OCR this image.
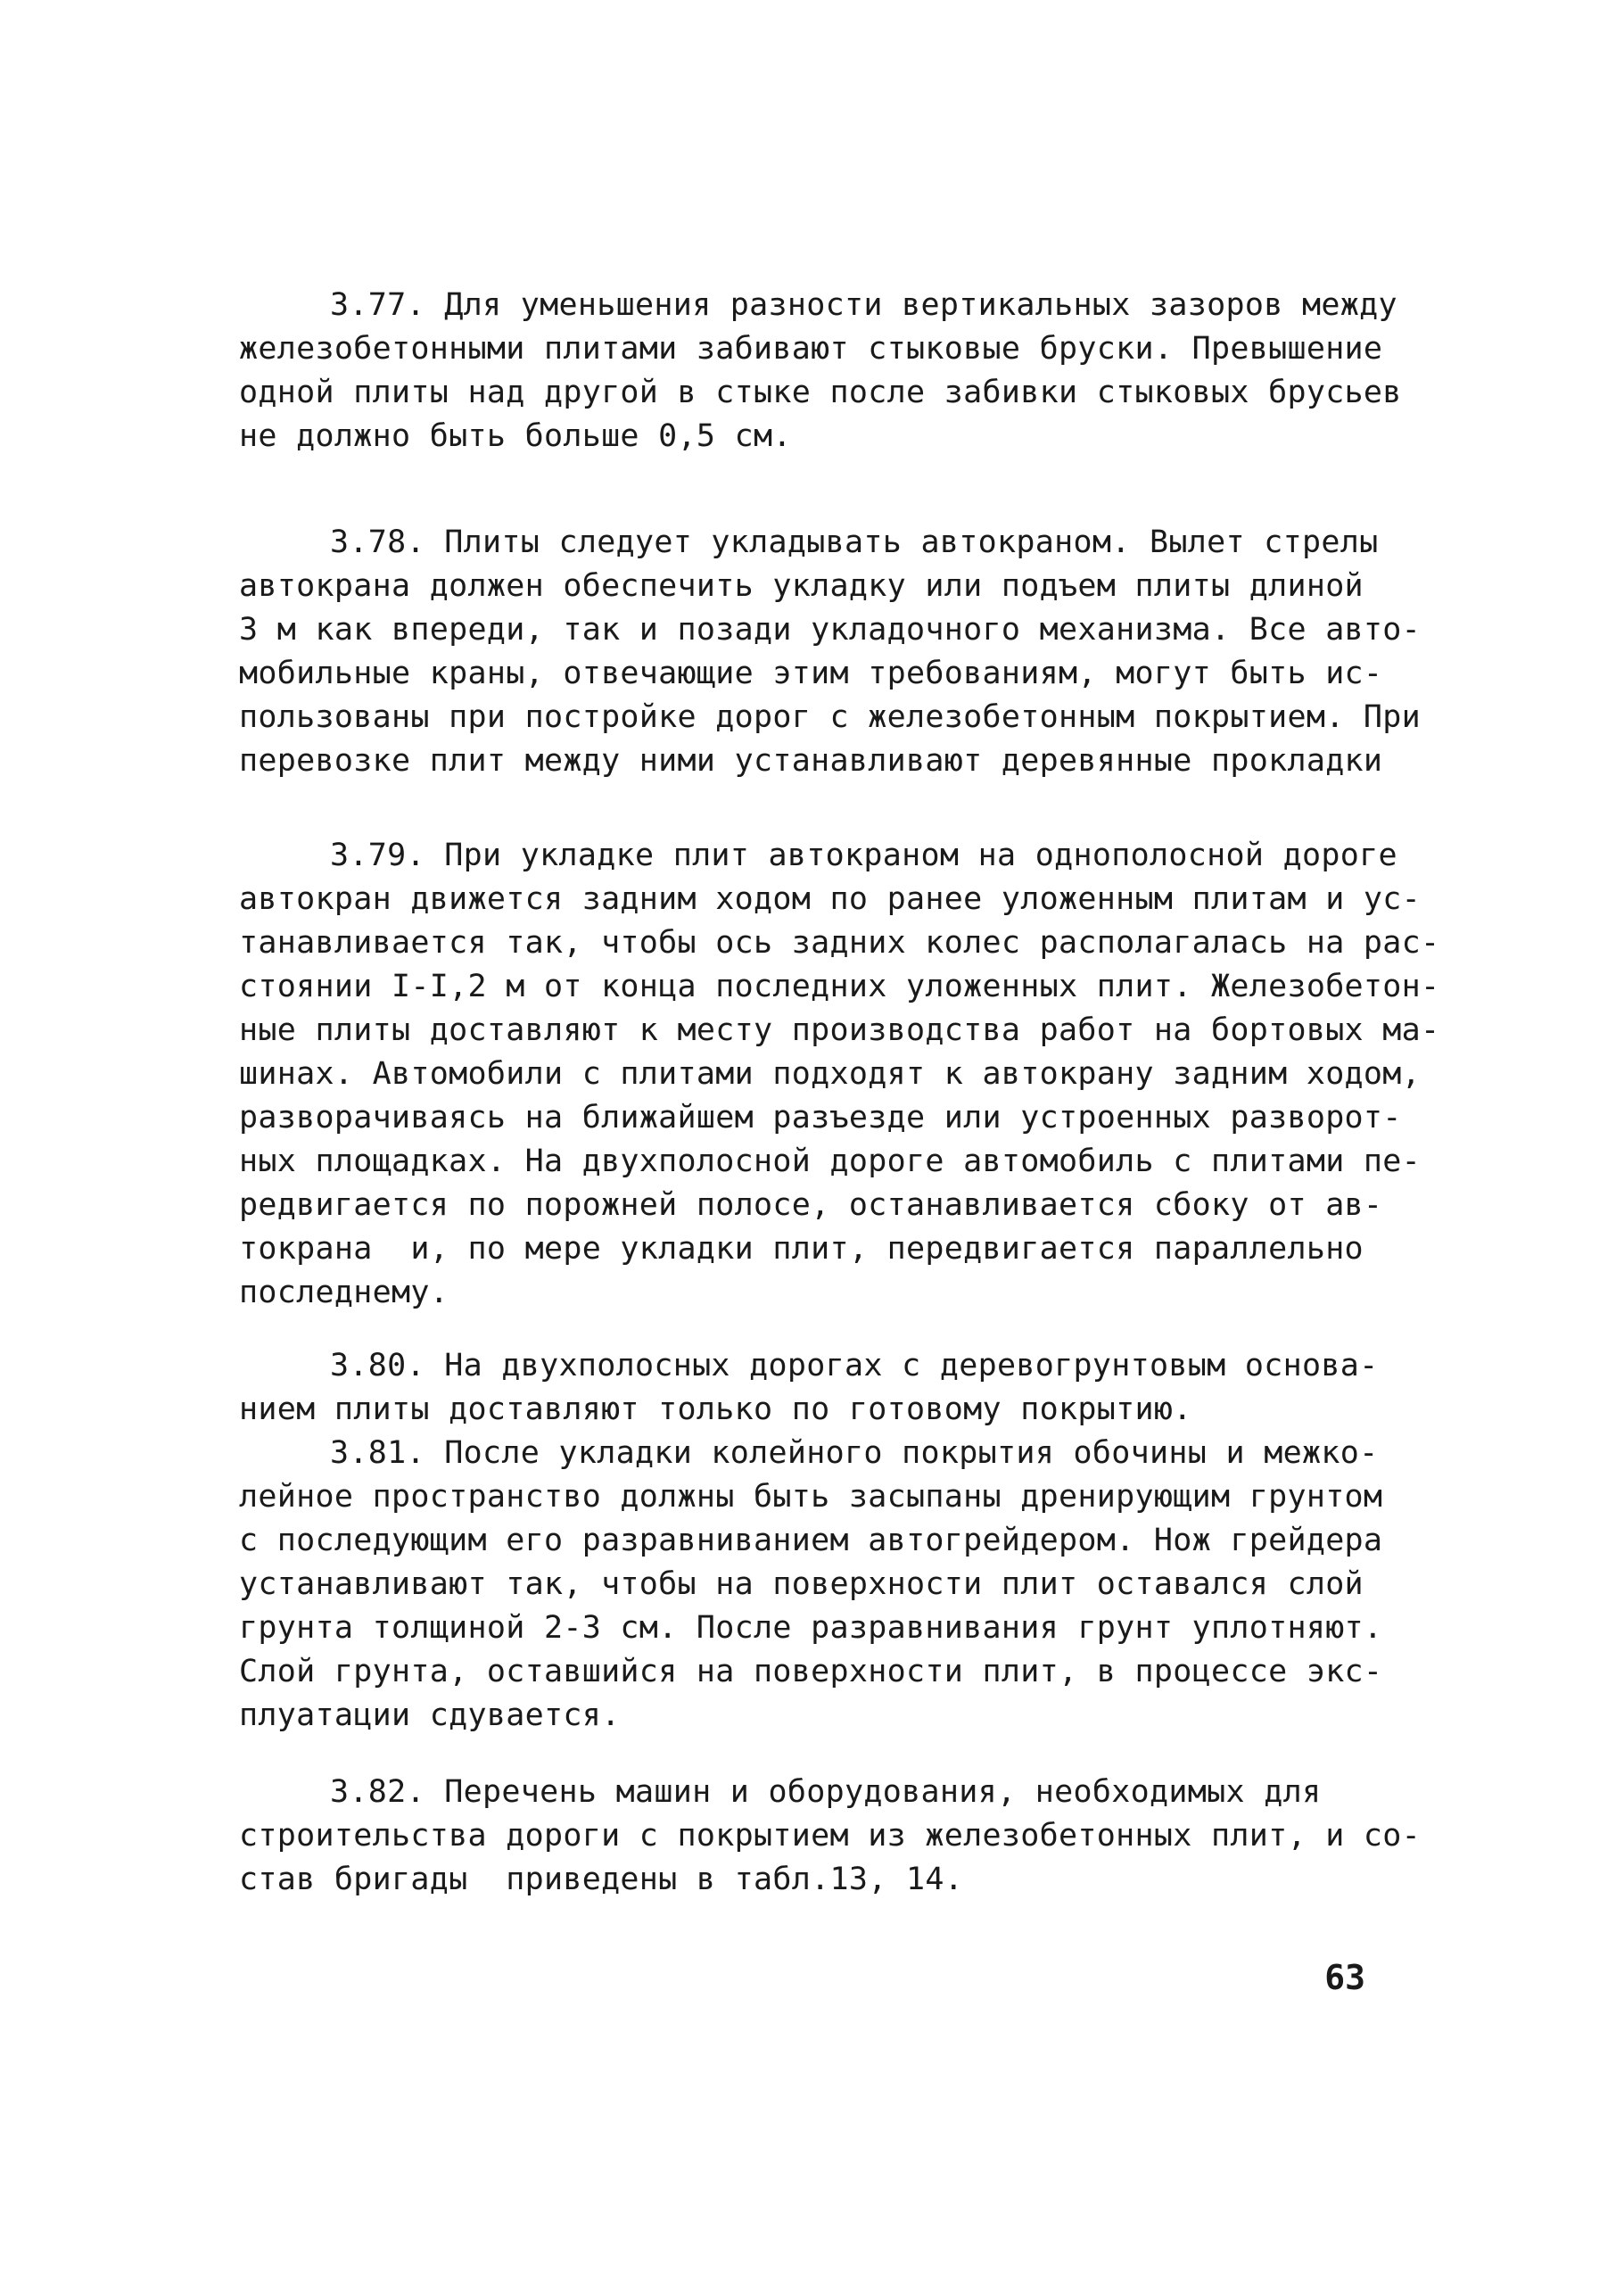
3.77. Для уменьшения разности вертикальных зазоров между
железобетонными плитами забивают стыковые бруски. Превышение
одной плиты над другой в стыке после забивки стыковых брусьев
не должно быть больше 0,5 см.
3.78. Плиты следует укладывать автокраном. Вылет стрелы
автокрана должен обеспечить укладку или подъем плиты длиной
3 м как впереди, так и позади укладочного механизма. Все авто-
мобильные краны, отвечающие этим требованиям, могут быть ис-
пользованы при постройке дорог с железобетонным покрытием. При
перевозке плит между ними устанавливают деревянные прокладки
3.79. При укладке плит автокраном на однополосной дороге
автокран движется задним ходом по ранее уложенным плитам и ус-
танавливается так, чтобы ось задних колес располагалась на рас-
стоянии I-I,2 м от конца последних уложенных плит. Железобетон-
ные плиты доставляют к месту производства работ на бортовых ма-
шинах. Автомобили с плитами подходят к автокрану задним ходом,
разворачиваясь на ближайшем разъезде или устроенных разворот-
ных площадках. На двухполосной дороге автомобиль с плитами пе-
редвигается по порожней полосе, останавливается сбоку от ав-
токрана  и, по мере укладки плит, передвигается параллельно
последнему.
3.80. На двухполосных дорогах с деревогрунтовым основа-
нием плиты доставляют только по готовому покрытию.
3.81. После укладки колейного покрытия обочины и межко-
лейное пространство должны быть засыпаны дренирующим грунтом
с последующим его разравниванием автогрейдером. Нож грейдера
устанавливают так, чтобы на поверхности плит оставался слой
грунта толщиной 2-3 см. После разравнивания грунт уплотняют.
Слой грунта, оставшийся на поверхности плит, в процессе экс-
плуатации сдувается.
3.82. Перечень машин и оборудования, необходимых для
строительства дороги с покрытием из железобетонных плит, и со-
став бригады  приведены в табл.13, 14.
63
